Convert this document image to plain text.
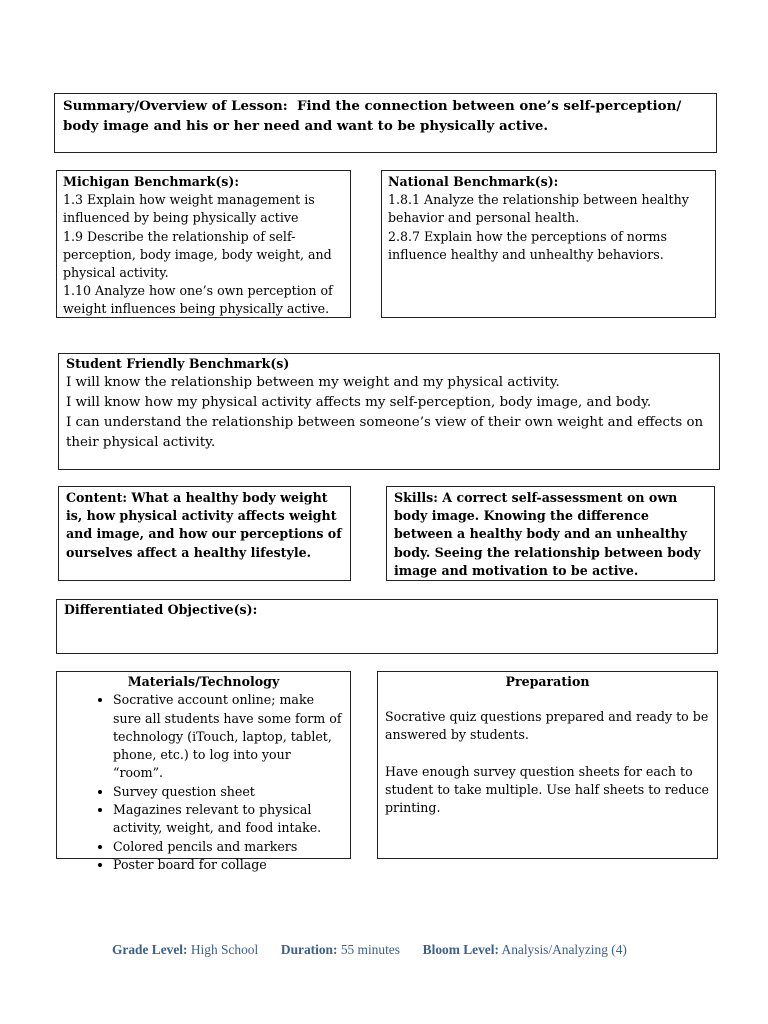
Summary/Overview of Lesson: Find the connection between one’s self-perception/ body image and his or her need and want to be physically active.

Michigan Benchmark(s):

1.3 Explain how weight management is influenced by being physically active

1.9 Describe the relationship of self-perception, body image, body weight, and physical activity.

1.10 Analyze how one’s own perception of weight influences being physically active.

National Benchmark(s):

1.8.1 Analyze the relationship between healthy behavior and personal health.

2.8.7 Explain how the perceptions of norms influence healthy and unhealthy behaviors.

Student Friendly Benchmark(s)

I will know the relationship between my weight and my physical activity.

I will know how my physical activity affects my self-perception, body image, and body.

I can understand the relationship between someone’s view of their own weight and effects on their physical activity.

Content: What a healthy body weight is, how physical activity affects weight and image, and how our perceptions of ourselves affect a healthy lifestyle.

Skills: A correct self-assessment on own body image. Knowing the difference between a healthy body and an unhealthy body. Seeing the relationship between body image and motivation to be active.

Differentiated Objective(s):

Materials/Technology

• Socrative account online; make sure all students have some form of technology (iTouch, laptop, tablet, phone, etc.) to log into your “room”.
• Survey question sheet
• Magazines relevant to physical activity, weight, and food intake.
• Colored pencils and markers
• Poster board for collage

Preparation

Socrative quiz questions prepared and ready to be answered by students.

Have enough survey question sheets for each to student to take multiple. Use half sheets to reduce printing.

Grade Level: High School Duration: 55 minutes Bloom Level: Analysis/Analyzing (4)
